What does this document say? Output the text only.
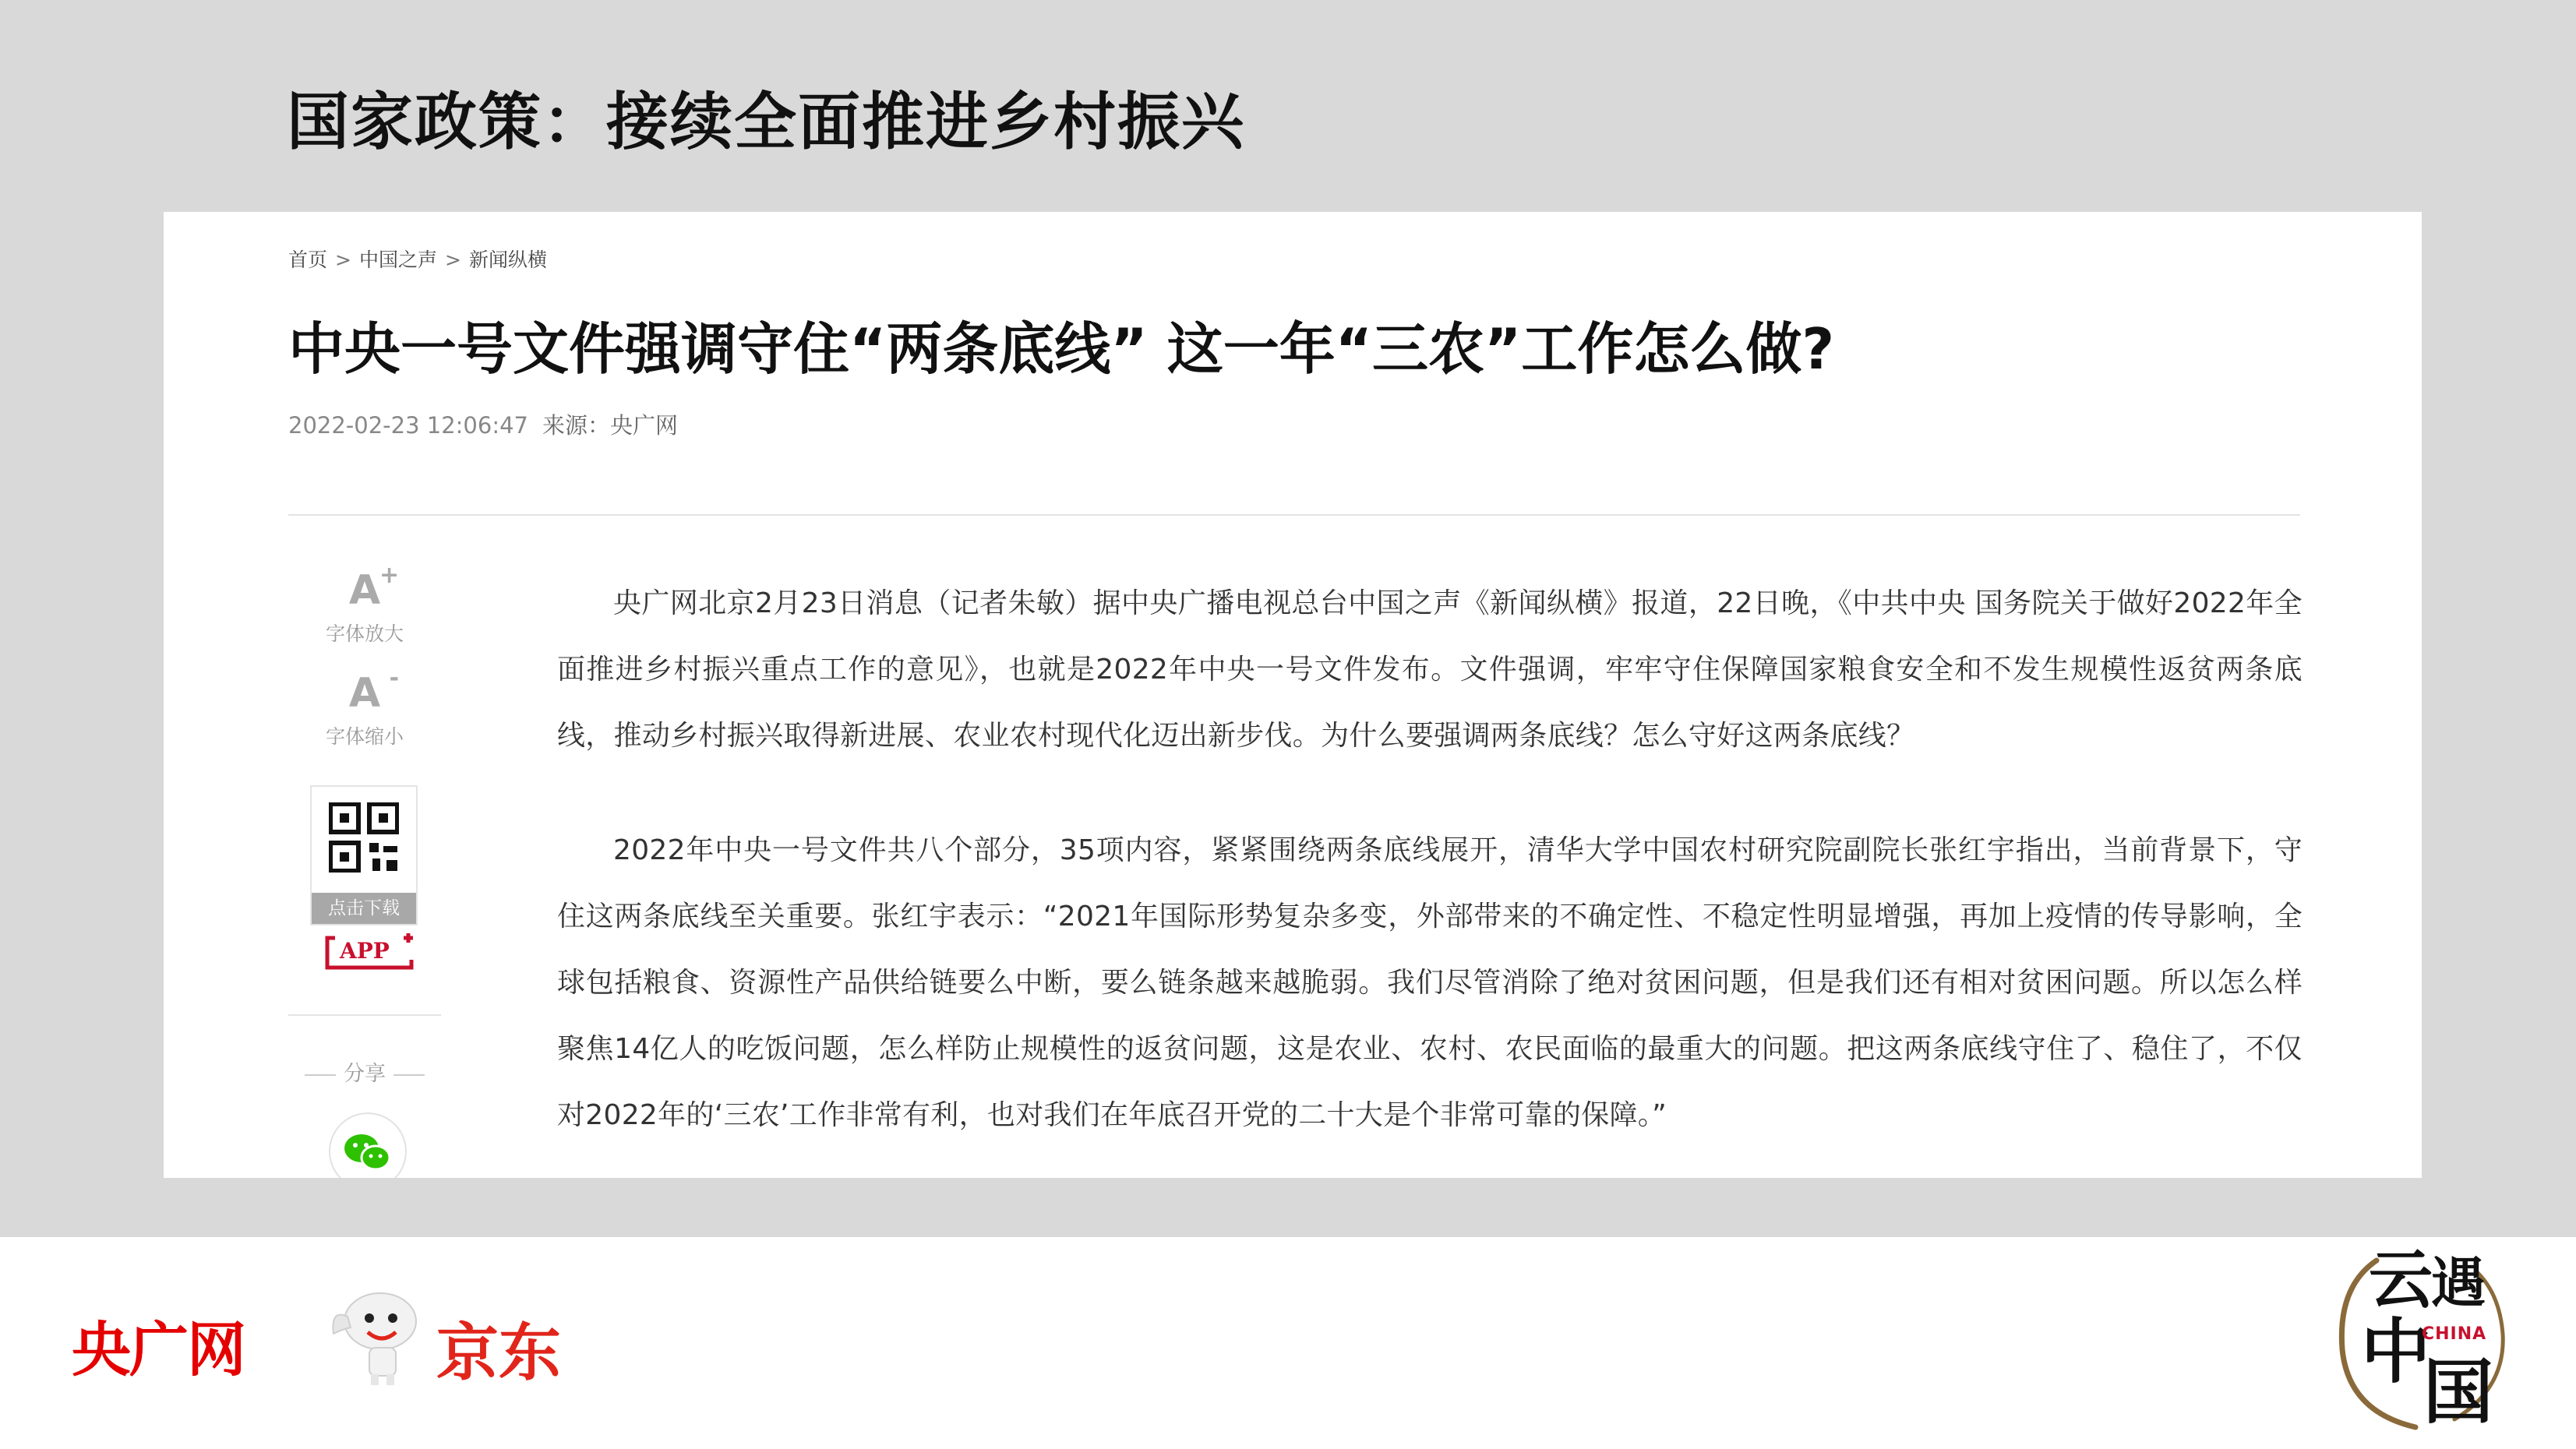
国家政策：接续全面推进乡村振兴
首页 > 中国之声 > 新闻纵横
中央一号文件强调守住“两条底线” 这一年“三农”工作怎么做?
2022-02-23 12:06:47 来源：央广网
A
+
字体放大
A -
字体缩小
点击下载
APP
分享

央广网北京2月23日消息（记者朱敏）据中央广播电视总台中国之声《新闻纵横》报道，22日晚，《中共中央 国务院关于做好2022年全面推进乡村振兴重点工作的意见》，也就是2022年中央一号文件发布。文件强调，牢牢守住保障国家粮食安全和不发生规模性返贫两条底线，推动乡村振兴取得新进展、农业农村现代化迈出新步伐。为什么要强调两条底线？怎么守好这两条底线？

2022年中央一号文件共八个部分，35项内容，紧紧围绕两条底线展开，清华大学中国农村研究院副院长张红宇指出，当前背景下，守住这两条底线至关重要。张红宇表示：“2021年国际形势复杂多变，外部带来的不确定性、不稳定性明显增强，再加上疫情的传导影响，全球包括粮食、资源性产品供给链要么中断，要么链条越来越脆弱。我们尽管消除了绝对贫困问题，但是我们还有相对贫困问题。所以怎么样聚焦14亿人的吃饭问题，怎么样防止规模性的返贫问题，这是农业、农村、农民面临的最重大的问题。把这两条底线守住了、稳住了，不仅对2022年的‘三农’工作非常有利，也对我们在年底召开党的二十大是个非常可靠的保障。”

央广网	京东
云
遇
中
国
CHINA
